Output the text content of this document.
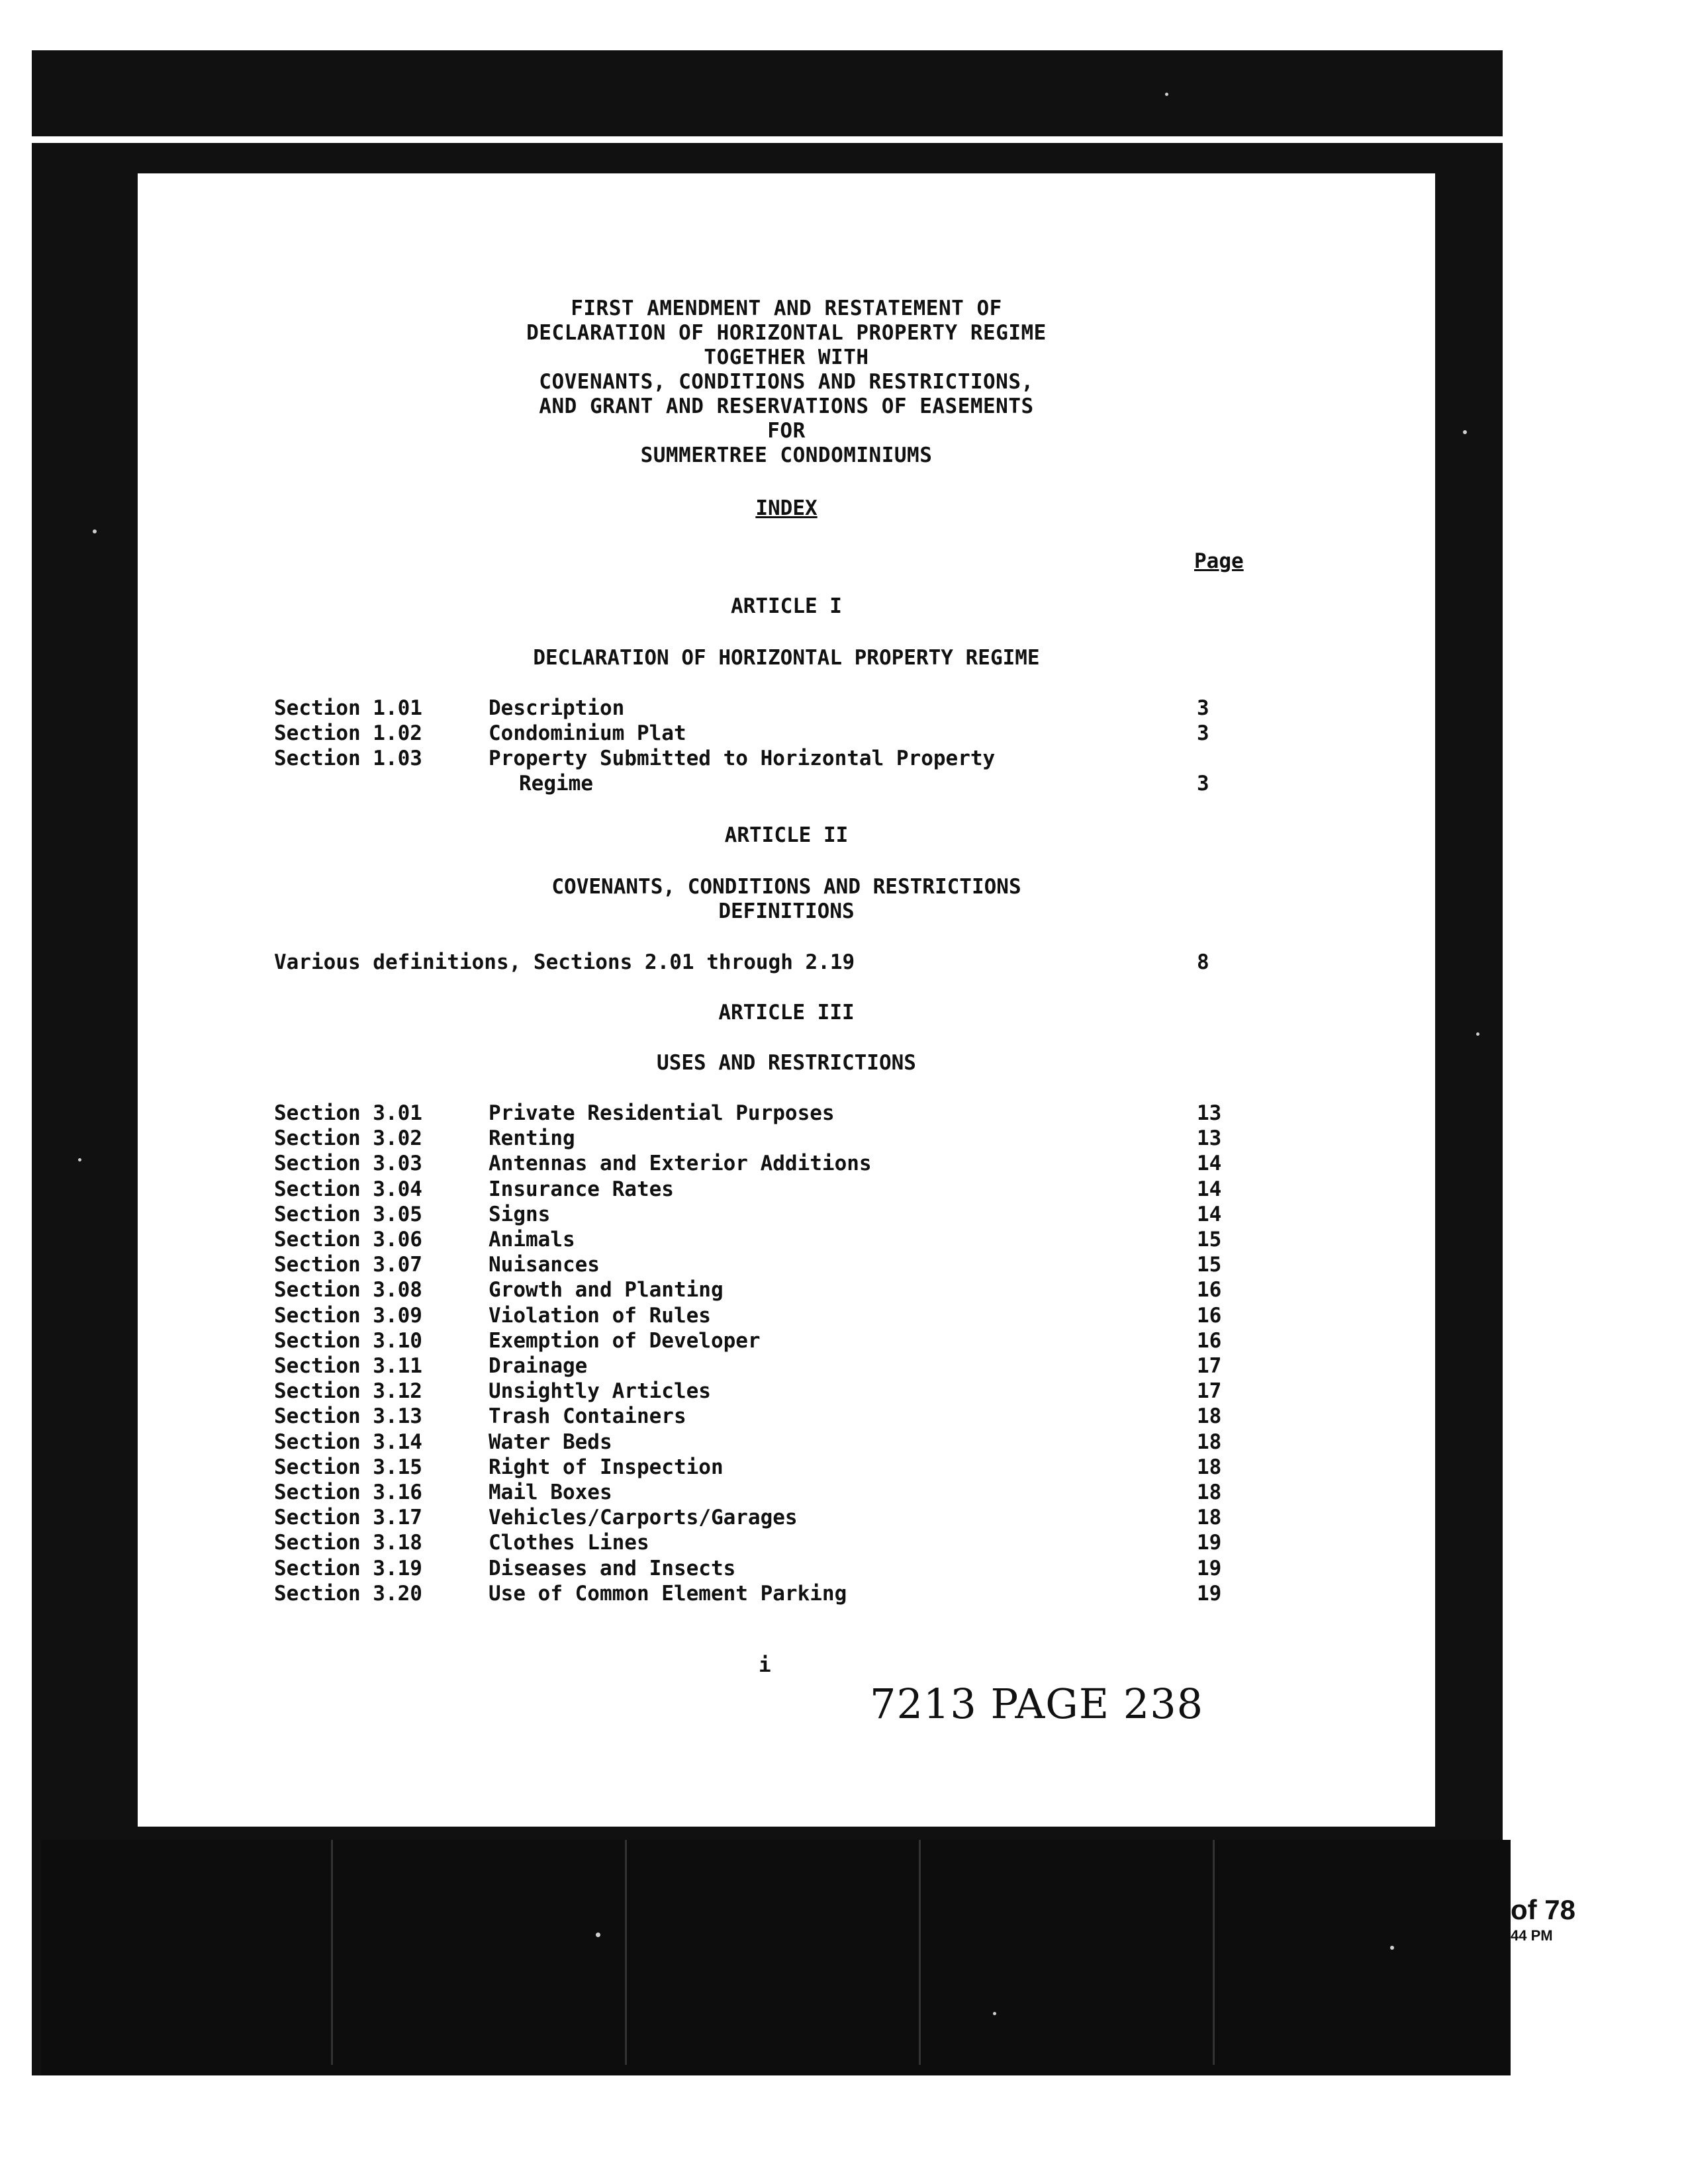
FIRST AMENDMENT AND RESTATEMENT OF
DECLARATION OF HORIZONTAL PROPERTY REGIME
TOGETHER WITH
COVENANTS, CONDITIONS AND RESTRICTIONS,
AND GRANT AND RESERVATIONS OF EASEMENTS
FOR
SUMMERTREE CONDOMINIUMS
INDEX
Page
ARTICLE I
DECLARATION OF HORIZONTAL PROPERTY REGIME
Section 1.01	Description	3
Section 1.02	Condominium Plat	3
Section 1.03	Property Submitted to Horizontal Property
Regime	3
ARTICLE II
COVENANTS, CONDITIONS AND RESTRICTIONS
DEFINITIONS
Various definitions, Sections 2.01 through 2.19	8
ARTICLE III
USES AND RESTRICTIONS
Section 3.01	Private Residential Purposes	13
Section 3.02	Renting	13
Section 3.03	Antennas and Exterior Additions	14
Section 3.04	Insurance Rates	14
Section 3.05	Signs	14
Section 3.06	Animals	15
Section 3.07	Nuisances	15
Section 3.08	Growth and Planting	16
Section 3.09	Violation of Rules	16
Section 3.10	Exemption of Developer	16
Section 3.11	Drainage	17
Section 3.12	Unsightly Articles	17
Section 3.13	Trash Containers	18
Section 3.14	Water Beds	18
Section 3.15	Right of Inspection	18
Section 3.16	Mail Boxes	18
Section 3.17	Vehicles/Carports/Garages	18
Section 3.18	Clothes Lines	19
Section 3.19	Diseases and Insects	19
Section 3.20	Use of Common Element Parking	19
i
7213 PAGE 238
of 78
44 PM
